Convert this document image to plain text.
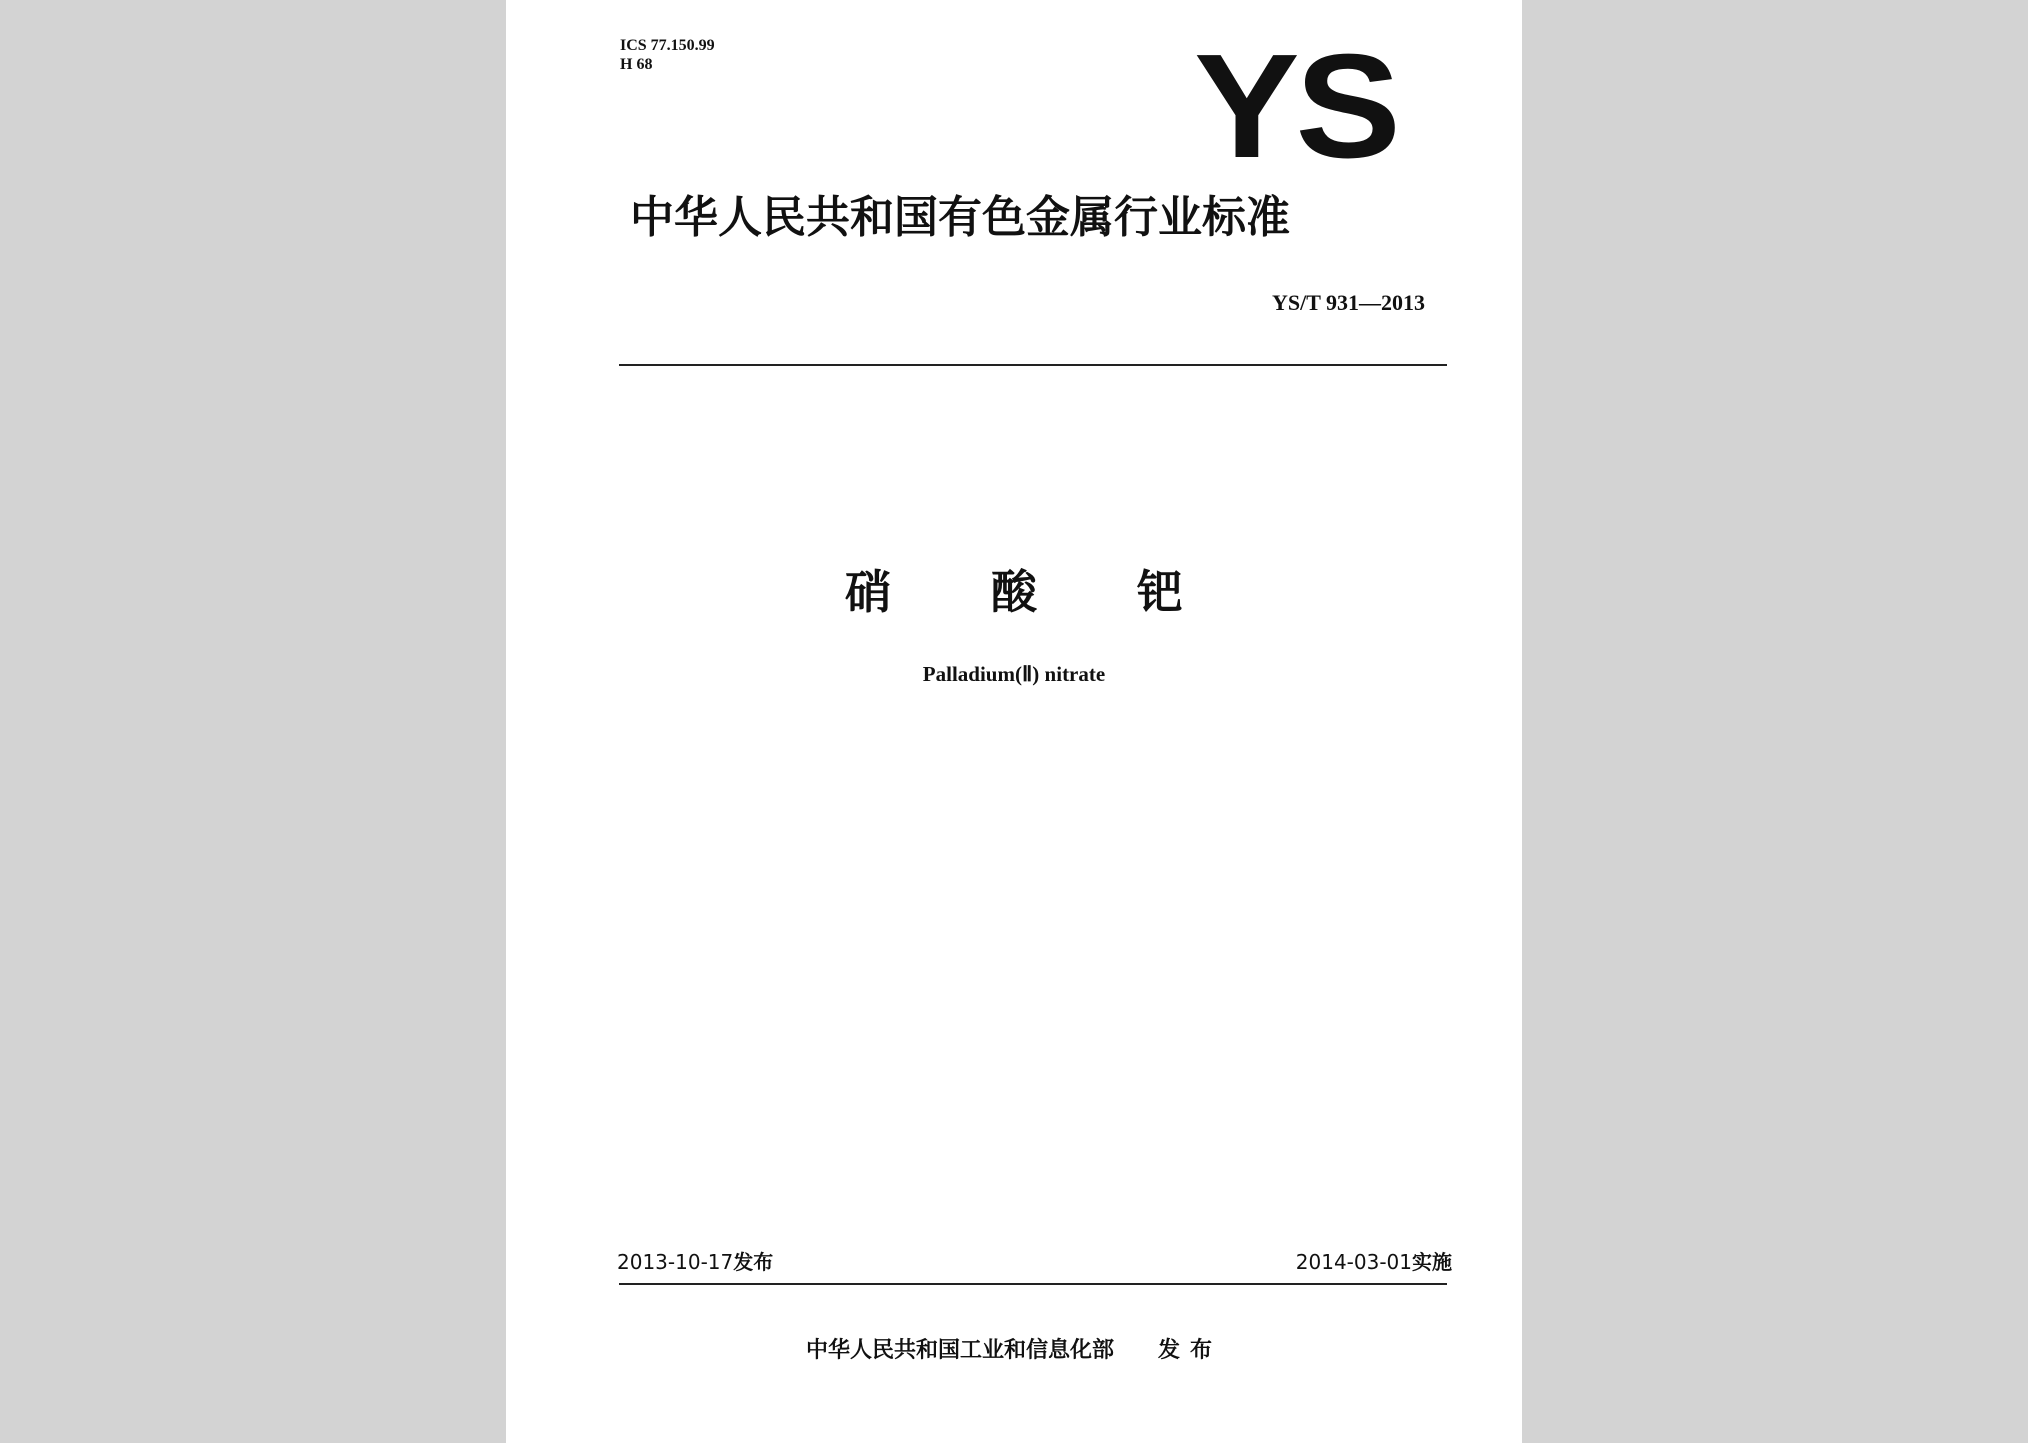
ICS 77.150.99
H 68	YS
中华人民共和国有色金属行业标准
YS/T 931—2013
硝酸钯
Palladium(Ⅱ) nitrate
2013-10-17发布	2014-03-01实施
中华人民共和国工业和信息化部 发布
